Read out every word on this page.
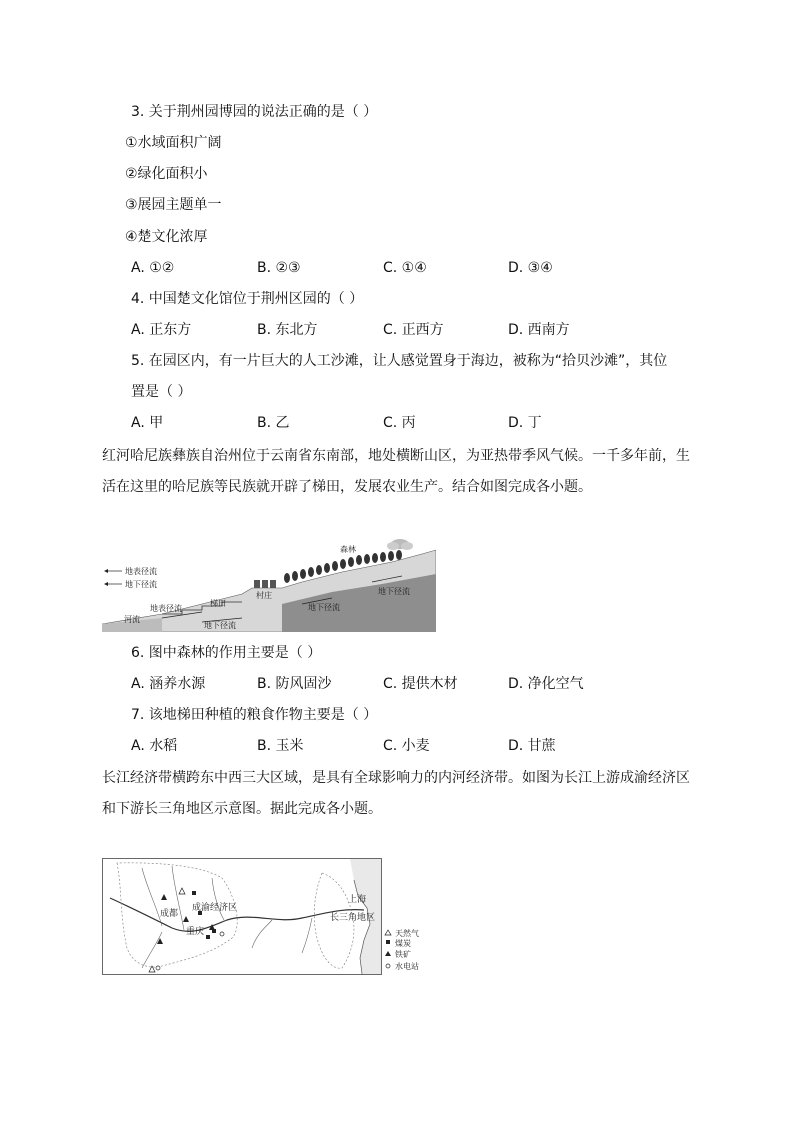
3. 关于荆州园博园的说法正确的是（ ）
①水域面积广阔
②绿化面积小
③展园主题单一
④楚文化浓厚
A. ①②	B. ②③	C. ①④	D. ③④
4. 中国楚文化馆位于荆州区园的（ ）
A. 正东方	B. 东北方	C. 正西方	D. 西南方
5. 在园区内，有一片巨大的人工沙滩，让人感觉置身于海边，被称为“拾贝沙滩”，其位
置是（ ）
A. 甲	B. 乙	C. 丙	D. 丁
红河哈尼族彝族自治州位于云南省东南部，地处横断山区，为亚热带季风气候。一千多年前，生
活在这里的哈尼族等民族就开辟了梯田，发展农业生产。结合如图完成各小题。
地表径流
地下径流
森林
村庄
梯田
地表径流
河流
地下径流
地下径流
地下径流
6. 图中森林的作用主要是（ ）
A. 涵养水源	B. 防风固沙	C. 提供木材	D. 净化空气
7. 该地梯田种植的粮食作物主要是（ ）
A. 水稻	B. 玉米	C. 小麦	D. 甘蔗
长江经济带横跨东中西三大区域，是具有全球影响力的内河经济带。如图为长江上游成渝经济区
和下游长三角地区示意图。据此完成各小题。
成都
成渝经济区
重庆
上海
长三角地区
天然气
煤炭
铁矿
水电站
